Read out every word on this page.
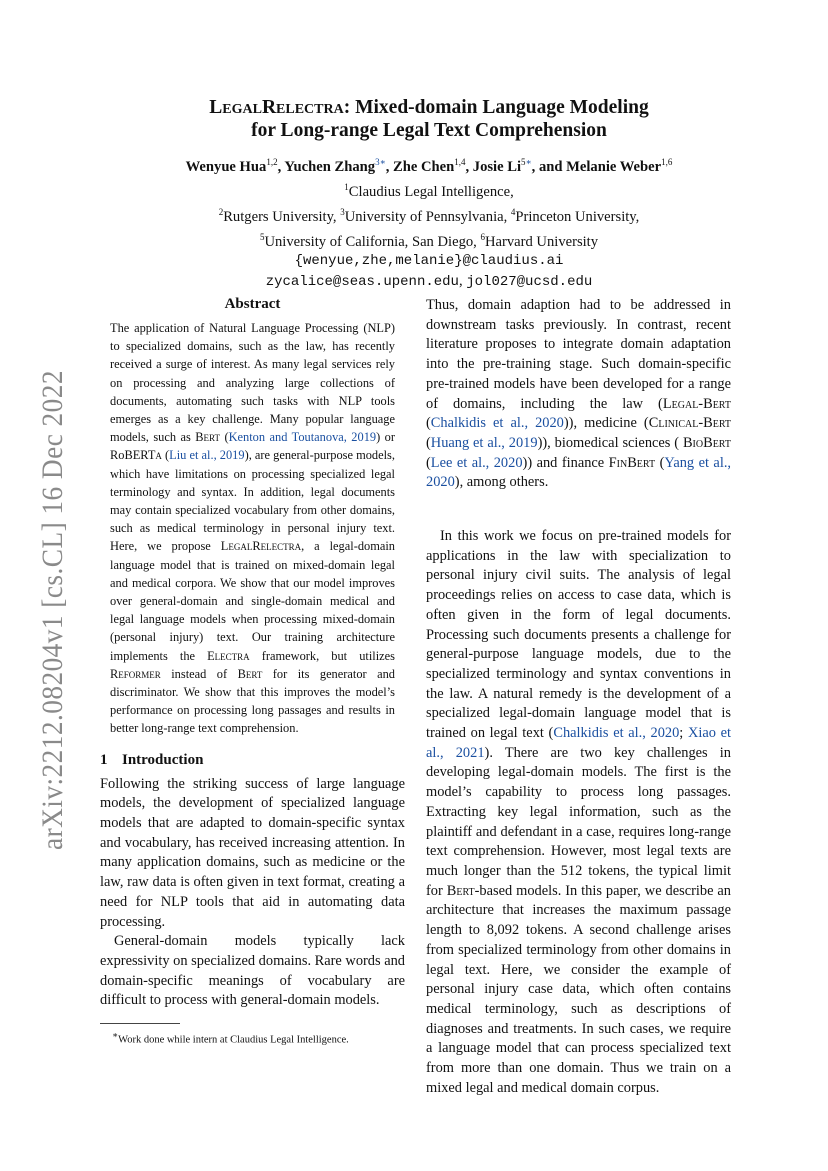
arXiv:2212.08204v1 [cs.CL] 16 Dec 2022
LegalRelectra: Mixed-domain Language Modeling
for Long-range Legal Text Comprehension
Wenyue Hua$^{1,2}$, Yuchen Zhang$^{3∗}$, Zhe Chen$^{1,4}$, Josie $Li^{5∗}$, and Melanie Weber$^{1,6}$
$^1$Claudius Legal Intelligence,
$^2$Rutgers University, $^3$University of Pennsylvania, $^4$Princeton University,
$^5$University of California, San Diego, $^6$Harvard University
{wenyue,zhe,melanie}@claudius.ai
zycalice@seas.upenn.edu, jol027@ucsd.edu
Abstract

The application of Natural Language Processing (NLP) to specialized domains, such as the law, has recently received a surge of interest. As many legal services rely on processing and analyzing large collections of documents, automating such tasks with NLP tools emerges as a key challenge. Many popular language models, such as Bert (Kenton and Toutanova, 2019) or RoBERTa (Liu et al., 2019), are general-purpose models, which have limitations on processing specialized legal terminology and syntax. In addition, legal documents may contain specialized vocabulary from other domains, such as medical terminology in personal injury text. Here, we propose LegalRelectra, a legal-domain language model that is trained on mixed-domain legal and medical corpora. We show that our model improves over general-domain and single-domain medical and legal language models when processing mixed-domain (personal injury) text. Our training architecture implements the Electra framework, but utilizes Reformer instead of Bert for its generator and discriminator. We show that this improves the model’s performance on processing long passages and results in better long-range text comprehension.

1 Introduction

Following the striking success of large language models, the development of specialized language models that are adapted to domain-specific syntax and vocabulary, has received increasing attention. In many application domains, such as medicine or the law, raw data is often given in text format, creating a need for NLP tools that aid in automating data processing.

General-domain models typically lack expressivity on specialized domains. Rare words and domain-specific meanings of vocabulary are difficult to process with general-domain models.

∗Work done while intern at Claudius Legal Intelligence.

Thus, domain adaption had to be addressed in downstream tasks previously. In contrast, recent literature proposes to integrate domain adaptation into the pre-training stage. Such domain-specific pre-trained models have been developed for a range of domains, including the law (Legal-Bert (Chalkidis et al., 2020)), medicine (Clinical-Bert (Huang et al., 2019)), biomedical sciences ( BioBert (Lee et al., 2020)) and finance FinBert (Yang et al., 2020), among others.

In this work we focus on pre-trained models for applications in the law with specialization to personal injury civil suits. The analysis of legal proceedings relies on access to case data, which is often given in the form of legal documents. Processing such documents presents a challenge for general-purpose language models, due to the specialized terminology and syntax conventions in the law. A natural remedy is the development of a specialized legal-domain language model that is trained on legal text (Chalkidis et al., 2020; Xiao et al., 2021). There are two key challenges in developing legal-domain models. The first is the model’s capability to process long passages. Extracting key legal information, such as the plaintiff and defendant in a case, requires long-range text comprehension. However, most legal texts are much longer than the 512 tokens, the typical limit for Bert-based models. In this paper, we describe an architecture that increases the maximum passage length to 8,092 tokens. A second challenge arises from specialized terminology from other domains in legal text. Here, we consider the example of personal injury case data, which often contains medical terminology, such as descriptions of diagnoses and treatments. In such cases, we require a language model that can process specialized text from more than one domain. Thus we train on a mixed legal and medical domain corpus.
